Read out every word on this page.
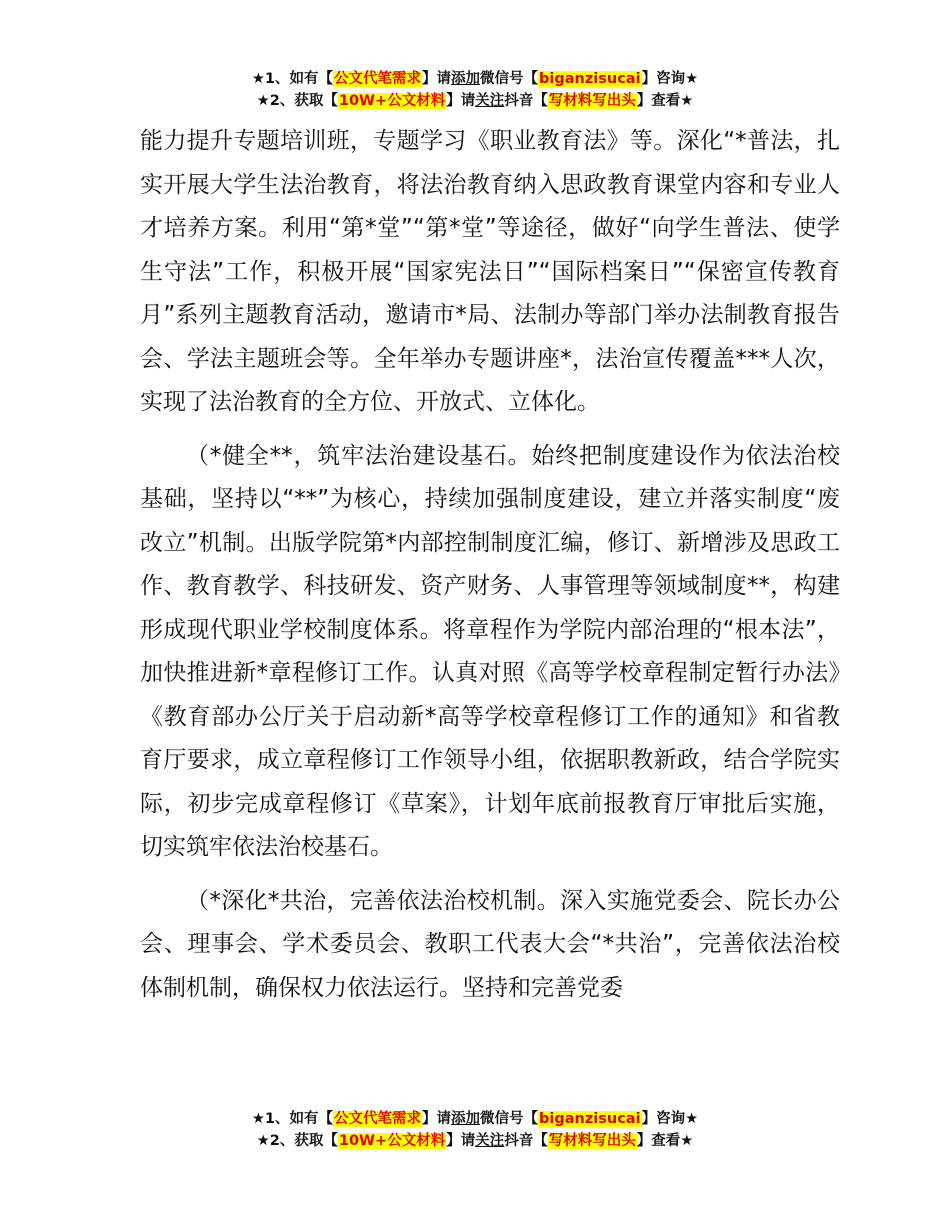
★1、如有【公文代笔需求】请添加微信号【biganzisucai】咨询★
★2、获取【10W+公文材料】请关注抖音【写材料写出头】查看★

能力提升专题培训班，专题学习《职业教育法》等。深化“*普法，扎实开展大学生法治教育，将法治教育纳入思政教育课堂内容和专业人才培养方案。利用“第*堂”“第*堂”等途径，做好“向学生普法、使学生守法”工作，积极开展“国家宪法日”“国际档案日”“保密宣传教育月”系列主题教育活动，邀请市*局、法制办等部门举办法制教育报告会、学法主题班会等。全年举办专题讲座*，法治宣传覆盖***人次，实现了法治教育的全方位、开放式、立体化。

（*健全**，筑牢法治建设基石。始终把制度建设作为依法治校基础，坚持以“**”为核心，持续加强制度建设，建立并落实制度“废改立”机制。出版学院第*内部控制制度汇编，修订、新增涉及思政工作、教育教学、科技研发、资产财务、人事管理等领域制度**，构建形成现代职业学校制度体系。将章程作为学院内部治理的“根本法”，加快推进新*章程修订工作。认真对照《高等学校章程制定暂行办法》《教育部办公厅关于启动新*高等学校章程修订工作的通知》和省教育厅要求，成立章程修订工作领导小组，依据职教新政，结合学院实际，初步完成章程修订《草案》，计划年底前报教育厅审批后实施，切实筑牢依法治校基石。

（*深化*共治，完善依法治校机制。深入实施党委会、院长办公会、理事会、学术委员会、教职工代表大会“*共治”，完善依法治校体制机制，确保权力依法运行。坚持和完善党委

★1、如有【公文代笔需求】请添加微信号【biganzisucai】咨询★
★2、获取【10W+公文材料】请关注抖音【写材料写出头】查看★
